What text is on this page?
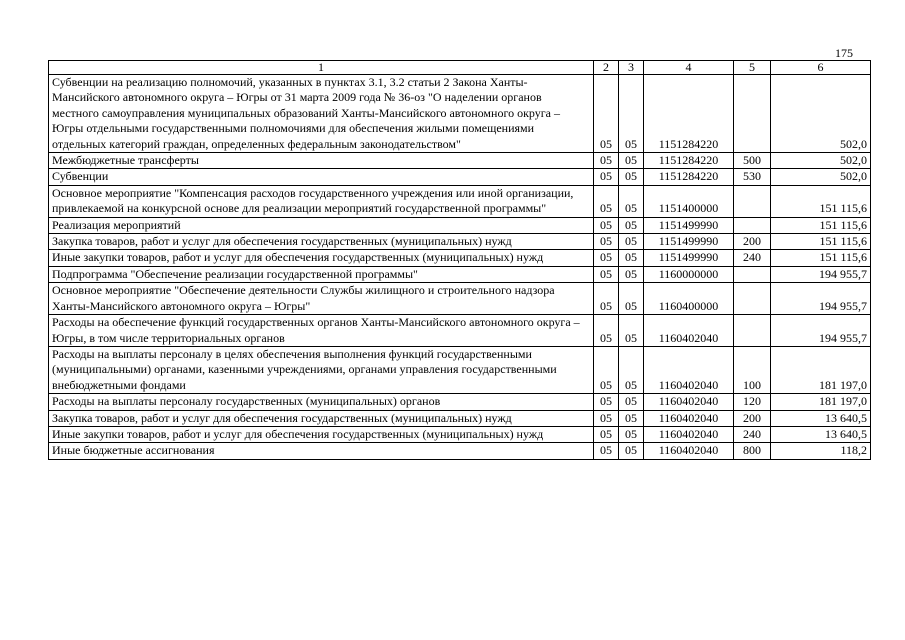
175
1	2	3	4	5	6
Субвенции на реализацию полномочий, указанных в пунктах 3.1, 3.2 статьи 2 Закона Ханты-Мансийского автономного округа – Югры от 31 марта 2009 года № 36-оз "О наделении органов местного самоуправления муниципальных образований Ханты-Мансийского автономного округа – Югры отдельными государственными полномочиями для обеспечения жилыми помещениями отдельных категорий граждан, определенных федеральным законодательством"	05	05	1151284220		502,0
Межбюджетные трансферты	05	05	1151284220	500	502,0
Субвенции	05	05	1151284220	530	502,0
Основное мероприятие "Компенсация расходов государственного учреждения или иной организации, привлекаемой на конкурсной основе для реализации мероприятий государственной программы"	05	05	1151400000		151 115,6
Реализация мероприятий	05	05	1151499990		151 115,6
Закупка товаров, работ и услуг для обеспечения государственных (муниципальных) нужд	05	05	1151499990	200	151 115,6
Иные закупки товаров, работ и услуг для обеспечения государственных (муниципальных) нужд	05	05	1151499990	240	151 115,6
Подпрограмма "Обеспечение реализации государственной программы"	05	05	1160000000		194 955,7
Основное мероприятие "Обеспечение деятельности Службы жилищного и строительного надзора Ханты-Мансийского автономного округа – Югры"	05	05	1160400000		194 955,7
Расходы на обеспечение функций государственных органов Ханты-Мансийского автономного округа – Югры, в том числе территориальных органов	05	05	1160402040		194 955,7
Расходы на выплаты персоналу в целях обеспечения выполнения функций государственными (муниципальными) органами, казенными учреждениями, органами управления государственными внебюджетными фондами	05	05	1160402040	100	181 197,0
Расходы на выплаты персоналу государственных (муниципальных) органов	05	05	1160402040	120	181 197,0
Закупка товаров, работ и услуг для обеспечения государственных (муниципальных) нужд	05	05	1160402040	200	13 640,5
Иные закупки товаров, работ и услуг для обеспечения государственных (муниципальных) нужд	05	05	1160402040	240	13 640,5
Иные бюджетные ассигнования	05	05	1160402040	800	118,2
